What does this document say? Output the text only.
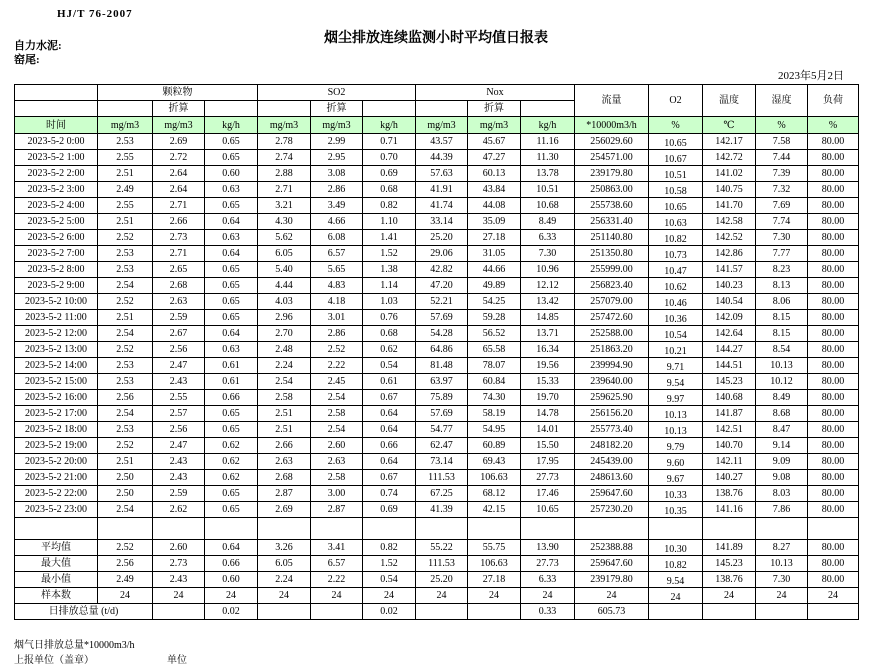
HJ/T 76-2007
烟尘排放连续监测小时平均值日报表
自力水泥:
窑尾:
2023年5月2日
	颗粒物			SO2			Nox			流量	O2	温度	湿度	负荷
		折算			折算			折算						
时间	mg/m3	mg/m3	kg/h	mg/m3	mg/m3	kg/h	mg/m3	mg/m3	kg/h	*10000m3/h	%	℃	%	%
2023-5-2 0:00	2.53	2.69	0.65	2.78	2.99	0.71	43.57	45.67	11.16	256029.60	10.65	142.17	7.58	80.00
2023-5-2 1:00	2.55	2.72	0.65	2.74	2.95	0.70	44.39	47.27	11.30	254571.00	10.67	142.72	7.44	80.00
2023-5-2 2:00	2.51	2.64	0.60	2.88	3.08	0.69	57.63	60.13	13.78	239179.80	10.51	141.02	7.39	80.00
2023-5-2 3:00	2.49	2.64	0.63	2.71	2.86	0.68	41.91	43.84	10.51	250863.00	10.58	140.75	7.32	80.00
2023-5-2 4:00	2.55	2.71	0.65	3.21	3.49	0.82	41.74	44.08	10.68	255738.60	10.65	141.70	7.69	80.00
2023-5-2 5:00	2.51	2.66	0.64	4.30	4.66	1.10	33.14	35.09	8.49	256331.40	10.63	142.58	7.74	80.00
2023-5-2 6:00	2.52	2.73	0.63	5.62	6.08	1.41	25.20	27.18	6.33	251140.80	10.82	142.52	7.30	80.00
2023-5-2 7:00	2.53	2.71	0.64	6.05	6.57	1.52	29.06	31.05	7.30	251350.80	10.73	142.86	7.77	80.00
2023-5-2 8:00	2.53	2.65	0.65	5.40	5.65	1.38	42.82	44.66	10.96	255999.00	10.47	141.57	8.23	80.00
2023-5-2 9:00	2.54	2.68	0.65	4.44	4.83	1.14	47.20	49.89	12.12	256823.40	10.62	140.23	8.13	80.00
2023-5-2 10:00	2.52	2.63	0.65	4.03	4.18	1.03	52.21	54.25	13.42	257079.00	10.46	140.54	8.06	80.00
2023-5-2 11:00	2.51	2.59	0.65	2.96	3.01	0.76	57.69	59.28	14.85	257472.60	10.36	142.09	8.15	80.00
2023-5-2 12:00	2.54	2.67	0.64	2.70	2.86	0.68	54.28	56.52	13.71	252588.00	10.54	142.64	8.15	80.00
2023-5-2 13:00	2.52	2.56	0.63	2.48	2.52	0.62	64.86	65.58	16.34	251863.20	10.21	144.27	8.54	80.00
2023-5-2 14:00	2.53	2.47	0.61	2.24	2.22	0.54	81.48	78.07	19.56	239994.90	9.71	144.51	10.13	80.00
2023-5-2 15:00	2.53	2.43	0.61	2.54	2.45	0.61	63.97	60.84	15.33	239640.00	9.54	145.23	10.12	80.00
2023-5-2 16:00	2.56	2.55	0.66	2.58	2.54	0.67	75.89	74.30	19.70	259625.90	9.97	140.68	8.49	80.00
2023-5-2 17:00	2.54	2.57	0.65	2.51	2.58	0.64	57.69	58.19	14.78	256156.20	10.13	141.87	8.68	80.00
2023-5-2 18:00	2.53	2.56	0.65	2.51	2.54	0.64	54.77	54.95	14.01	255773.40	10.13	142.51	8.47	80.00
2023-5-2 19:00	2.52	2.47	0.62	2.66	2.60	0.66	62.47	60.89	15.50	248182.20	9.79	140.70	9.14	80.00
2023-5-2 20:00	2.51	2.43	0.62	2.63	2.63	0.64	73.14	69.43	17.95	245439.00	9.60	142.11	9.09	80.00
2023-5-2 21:00	2.50	2.43	0.62	2.68	2.58	0.67	111.53	106.63	27.73	248613.60	9.67	140.27	9.08	80.00
2023-5-2 22:00	2.50	2.59	0.65	2.87	3.00	0.74	67.25	68.12	17.46	259647.60	10.33	138.76	8.03	80.00
2023-5-2 23:00	2.54	2.62	0.65	2.69	2.87	0.69	41.39	42.15	10.65	257230.20	10.35	141.16	7.86	80.00

平均值	2.52	2.60	0.64	3.26	3.41	0.82	55.22	55.75	13.90	252388.88	10.30	141.89	8.27	80.00
最大值	2.56	2.73	0.66	6.05	6.57	1.52	111.53	106.63	27.73	259647.60	10.82	145.23	10.13	80.00
最小值	2.49	2.43	0.60	2.24	2.22	0.54	25.20	27.18	6.33	239179.80	9.54	138.76	7.30	80.00
样本数	24	24	24	24	24	24	24	24	24	24	24	24	24	24
日排放总量 (t/d)			0.02			0.02			0.33	605.73				
烟气日排放总量*10000m3/h
上报单位（盖章）	单位
